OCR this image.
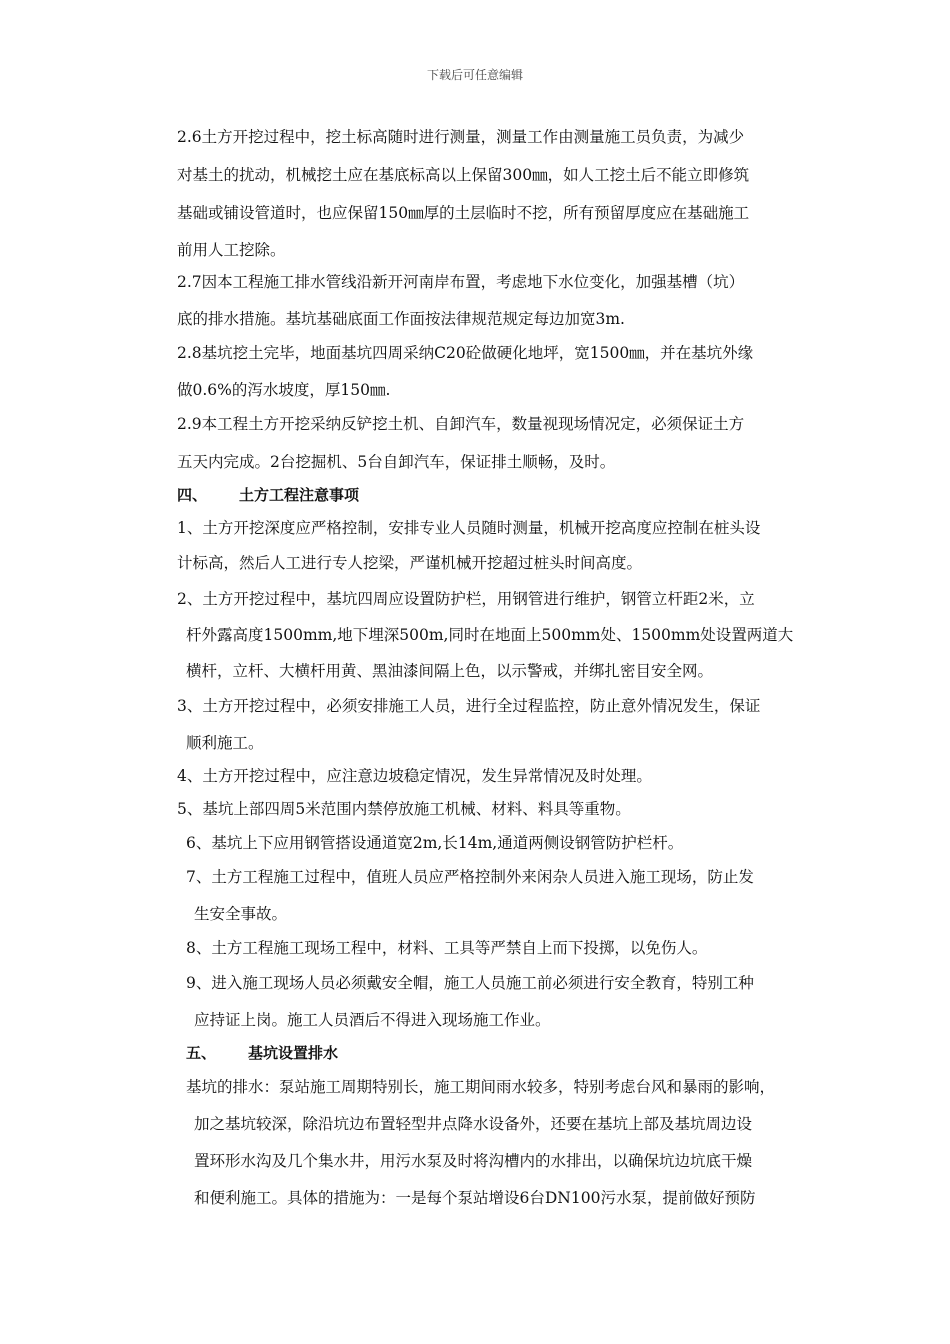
下载后可任意编辑
2.6土方开挖过程中，挖土标高随时进行测量，测量工作由测量施工员负责，为减少
对基土的扰动，机械挖土应在基底标高以上保留300㎜，如人工挖土后不能立即修筑
基础或铺设管道时，也应保留150㎜厚的土层临时不挖，所有预留厚度应在基础施工
前用人工挖除。
2.7因本工程施工排水管线沿新开河南岸布置，考虑地下水位变化，加强基槽（坑）
底的排水措施。基坑基础底面工作面按法律规范规定每边加宽3m.
2.8基坑挖土完毕，地面基坑四周采纳C20砼做硬化地坪，宽1500㎜，并在基坑外缘
做0.6%的泻水坡度，厚150㎜.
2.9本工程土方开挖采纳反铲挖土机、自卸汽车，数量视现场情况定，必须保证土方
五天内完成。2台挖掘机、5台自卸汽车，保证排土顺畅，及时。
四、 土方工程注意事项
1、土方开挖深度应严格控制，安排专业人员随时测量，机械开挖高度应控制在桩头设
计标高，然后人工进行专人挖梁，严谨机械开挖超过桩头时间高度。
2、土方开挖过程中，基坑四周应设置防护栏，用钢管进行维护，钢管立杆距2米，立
杆外露高度1500mm,地下埋深500m,同时在地面上500mm处、1500mm处设置两道大
横杆，立杆、大横杆用黄、黑油漆间隔上色，以示警戒，并绑扎密目安全网。
3、土方开挖过程中，必须安排施工人员，进行全过程监控，防止意外情况发生，保证
顺利施工。
4、土方开挖过程中，应注意边坡稳定情况，发生异常情况及时处理。
5、基坑上部四周5米范围内禁停放施工机械、材料、料具等重物。
6、基坑上下应用钢管搭设通道宽2m,长14m,通道两侧设钢管防护栏杆。
7、土方工程施工过程中，值班人员应严格控制外来闲杂人员进入施工现场，防止发
生安全事故。
8、土方工程施工现场工程中，材料、工具等严禁自上而下投掷，以免伤人。
9、进入施工现场人员必须戴安全帽，施工人员施工前必须进行安全教育，特别工种
应持证上岗。施工人员酒后不得进入现场施工作业。
五、 基坑设置排水
基坑的排水：泵站施工周期特别长，施工期间雨水较多，特别考虑台风和暴雨的影响，
加之基坑较深，除沿坑边布置轻型井点降水设备外，还要在基坑上部及基坑周边设
置环形水沟及几个集水井，用污水泵及时将沟槽内的水排出，以确保坑边坑底干燥
和便利施工。具体的措施为：一是每个泵站增设6台DN100污水泵，提前做好预防
